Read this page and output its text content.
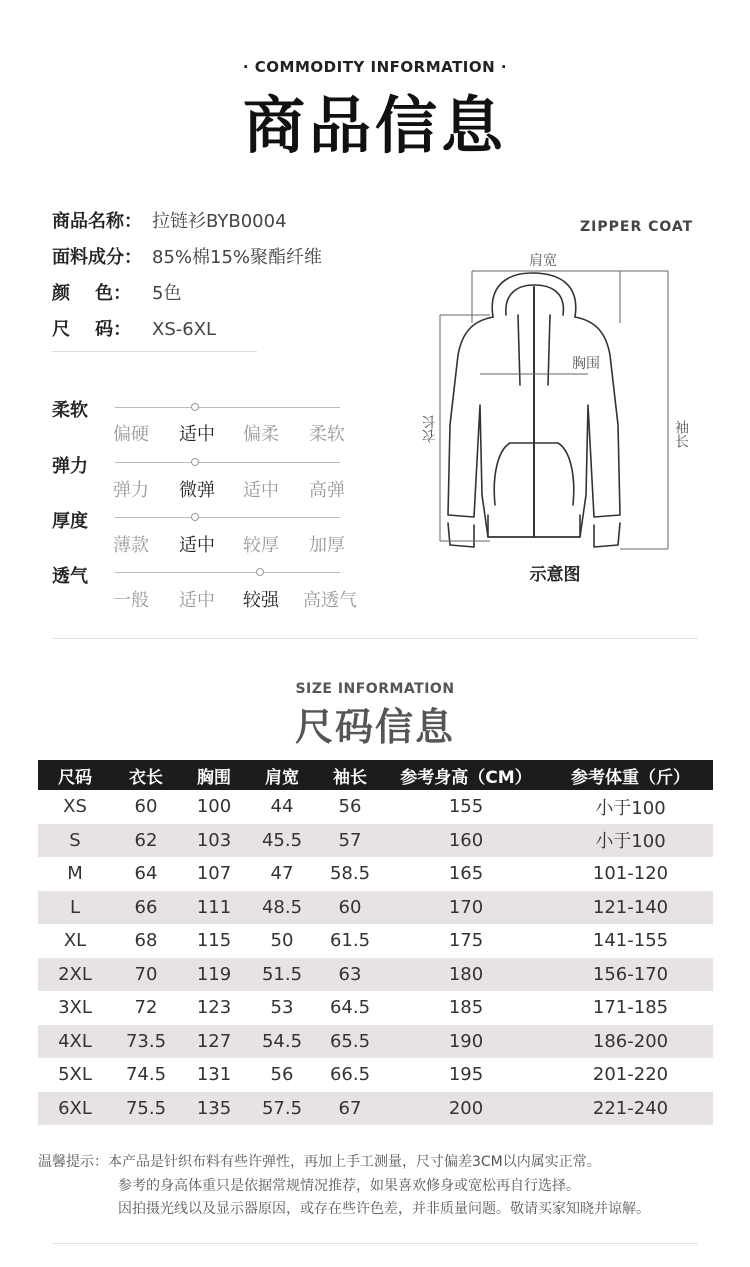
· COMMODITY INFORMATION ·
商品信息
商品名称： 拉链衫BYB0004
面料成分： 85%棉15%聚酯纤维
颜    色：	5色
尺    码：	XS-6XL
柔软
偏硬	适中	偏柔	柔软
弹力
弹力	微弹	适中	高弹
厚度
薄款	适中	较厚	加厚
透气
一般	适中	较强	高透气
ZIPPER COAT
肩宽
胸围
衣长	袖长
示意图
SIZE INFORMATION
尺码信息
尺码	衣长	胸围	肩宽	袖长	参考身高（CM）	参考体重（斤）
XS	60	100	44	56	155	小于100
S	62	103	45.5	57	160	小于100
M	64	107	47	58.5	165	101-120
L	66	111	48.5	60	170	121-140
XL	68	115	50	61.5	175	141-155
2XL	70	119	51.5	63	180	156-170
3XL	72	123	53	64.5	185	171-185
4XL	73.5	127	54.5	65.5	190	186-200
5XL	74.5	131	56	66.5	195	201-220
6XL	75.5	135	57.5	67	200	221-240
温馨提示：本产品是针织布料有些许弹性，再加上手工测量，尺寸偏差3CM以内属实正常。
参考的身高体重只是依据常规情况推荐，如果喜欢修身或宽松再自行选择。
因拍摄光线以及显示器原因，或存在些许色差，并非质量问题。敬请买家知晓并谅解。
